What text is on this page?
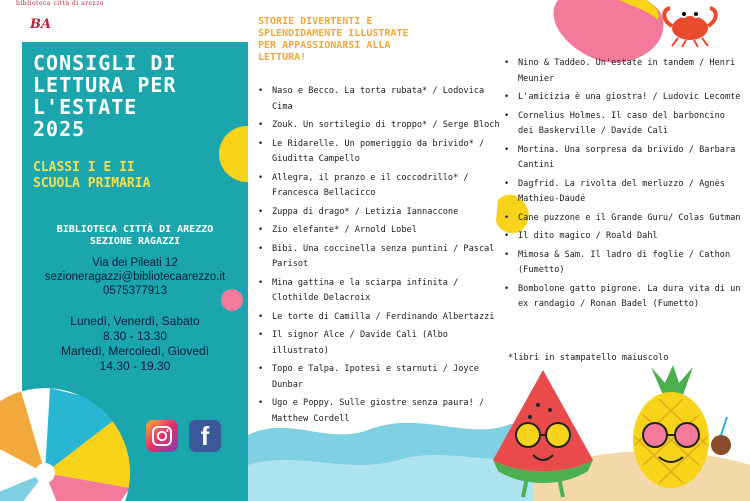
biblioteca città di arezzo
BA
CONSIGLI DI
LETTURA PER
L'ESTATE
2025
CLASSI I E II
SCUOLA PRIMARIA
BIBLIOTECA CITTÀ DI AREZZO
SEZIONE RAGAZZI
Via dei Pileati 12
sezioneragazzi@bibliotecaarezzo.it
0575377913
Lunedì, Venerdì, Sabato
8.30 - 13.30
Martedì, Mercoledì, Giovedì
14.30 - 19.30
f
STORIE DIVERTENTI E
SPLENDIDAMENTE ILLUSTRATE
PER APPASSIONARSI ALLA
LETTURA!
•	Naso e Becco. La torta rubata* / Lodovica Cima
•	Zouk. Un sortilegio di troppo* / Serge Bloch
•	Le Ridarelle. Un pomeriggio da brivido* / Giuditta Campello
•	Allegra, il pranzo e il coccodrillo* / Francesca Bellacicco
•	Zuppa di drago* / Letizia Iannaccone
•	Zio elefante* / Arnold Lobel
•	Bibi. Una coccinella senza puntini / Pascal Parisot
•	Mina gattina e la sciarpa infinita / Clothilde Delacroix
•	Le torte di Camilla / Ferdinando Albertazzi
•	Il signor Alce / Davide Calì (Albo illustrato)
•	Topo e Talpa. Ipotesi e starnuti / Joyce Dunbar
•	Ugo e Poppy. Sulle giostre senza paura! / Matthew Cordell
•	Nino & Taddeo. Un'estate in tandem / Henri Meunier
•	L'amicizia è una giostra! / Ludovic Lecomte
•	Cornelius Holmes. Il caso del barboncino dei Baskerville / Davide Calì
•	Mortina. Una sorpresa da brivido / Barbara Cantini
•	Dagfrid. La rivolta del merluzzo / Agnès Mathieu-Daudé
•	Cane puzzone e il Grande Guru/ Colas Gutman
•	Il dito magico / Roald Dahl
•	Mimosa & Sam. Il ladro di foglie / Cathon (Fumetto)
•	Bombolone gatto pigrone. La dura vita di un ex randagio / Ronan Badel (Fumetto)
*libri in stampatello maiuscolo
